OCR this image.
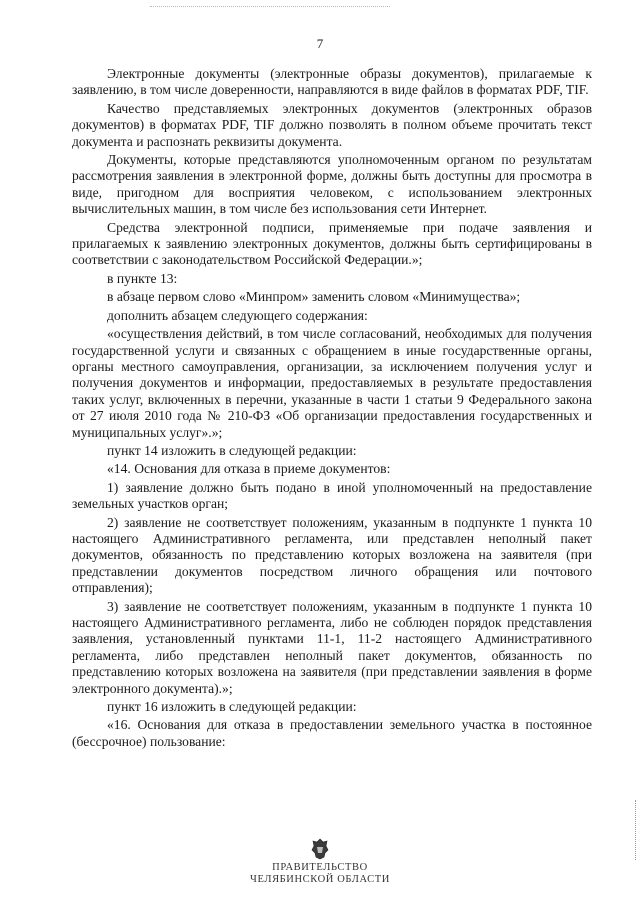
7

Электронные документы (электронные образы документов), прилагаемые к заявлению, в том числе доверенности, направляются в виде файлов в форматах PDF, TIF.

Качество представляемых электронных документов (электронных образов документов) в форматах PDF, TIF должно позволять в полном объеме прочитать текст документа и распознать реквизиты документа.

Документы, которые представляются уполномоченным органом по результатам рассмотрения заявления в электронной форме, должны быть доступны для просмотра в виде, пригодном для восприятия человеком, с использованием электронных вычислительных машин, в том числе без использования сети Интернет.

Средства электронной подписи, применяемые при подаче заявления и прилагаемых к заявлению электронных документов, должны быть сертифицированы в соответствии с законодательством Российской Федерации.»;

в пункте 13:

в абзаце первом слово «Минпром» заменить словом «Минимущества»;

дополнить абзацем следующего содержания:

«осуществления действий, в том числе согласований, необходимых для получения государственной услуги и связанных с обращением в иные государственные органы, органы местного самоуправления, организации, за исключением получения услуг и получения документов и информации, предоставляемых в результате предоставления таких услуг, включенных в перечни, указанные в части 1 статьи 9 Федерального закона от 27 июля 2010 года № 210-ФЗ «Об организации предоставления государственных и муниципальных услуг».»;

пункт 14 изложить в следующей редакции:

«14. Основания для отказа в приеме документов:

1) заявление должно быть подано в иной уполномоченный на предоставление земельных участков орган;

2) заявление не соответствует положениям, указанным в подпункте 1 пункта 10 настоящего Административного регламента, или представлен неполный пакет документов, обязанность по представлению которых возложена на заявителя (при представлении документов посредством личного обращения или почтового отправления);

3) заявление не соответствует положениям, указанным в подпункте 1 пункта 10 настоящего Административного регламента, либо не соблюден порядок представления заявления, установленный пунктами 11-1, 11-2 настоящего Административного регламента, либо представлен неполный пакет документов, обязанность по представлению которых возложена на заявителя (при представлении заявления в форме электронного документа).»;

пункт 16 изложить в следующей редакции:

«16. Основания для отказа в предоставлении земельного участка в постоянное (бессрочное) пользование:

ПРАВИТЕЛЬСТВО
ЧЕЛЯБИНСКОЙ ОБЛАСТИ
